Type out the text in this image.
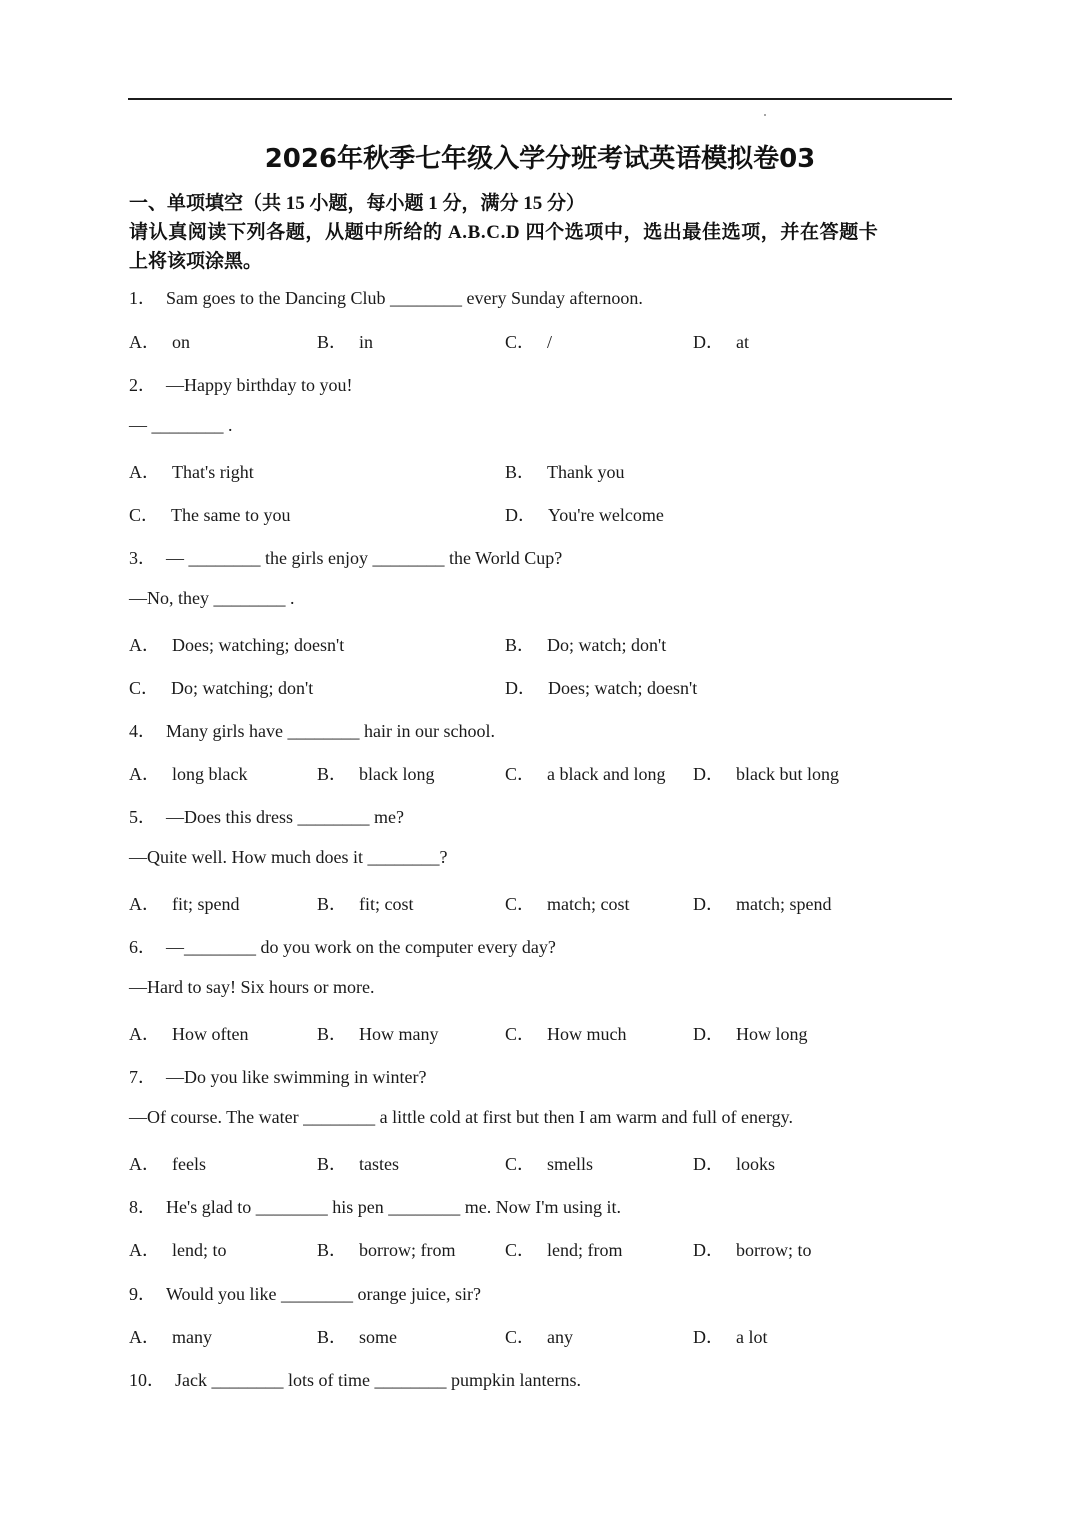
2026年秋季七年级入学分班考试英语模拟卷03
一、单项填空（共 15 小题，每小题 1 分，满分 15 分）
请认真阅读下列各题，从题中所给的 A.B.C.D 四个选项中，选出最佳选项，并在答题卡
上将该项涂黑。
1． Sam goes to the Dancing Club ________ every Sunday afternoon.
A． on	B． in	C． /	D． at
2． —Happy birthday to you!
— ________ .
A． That's right	B． Thank you
C． The same to you	D． You're welcome
3． — ________ the girls enjoy ________ the World Cup?
—No, they ________ .
A． Does; watching; doesn't	B． Do; watch; don't
C． Do; watching; don't	D． Does; watch; doesn't
4． Many girls have ________ hair in our school.
A． long black	B． black long	C． a black and long D． black but long
5． —Does this dress ________ me?
—Quite well. How much does it ________?
A． fit; spend	B． fit; cost	C． match; cost	D． match; spend
6． —________ do you work on the computer every day?
—Hard to say! Six hours or more.
A． How often	B． How many	C． How much	D． How long
7． —Do you like swimming in winter?
—Of course. The water ________ a little cold at first but then I am warm and full of energy.
A． feels	B． tastes	C． smells	D． looks
8． He's glad to ________ his pen ________ me. Now I'm using it.
A． lend; to	B． borrow; from	C． lend; from	D． borrow; to
9． Would you like ________ orange juice, sir?
A． many	B． some	C． any	D． a lot
10． Jack ________ lots of time ________ pumpkin lanterns.
